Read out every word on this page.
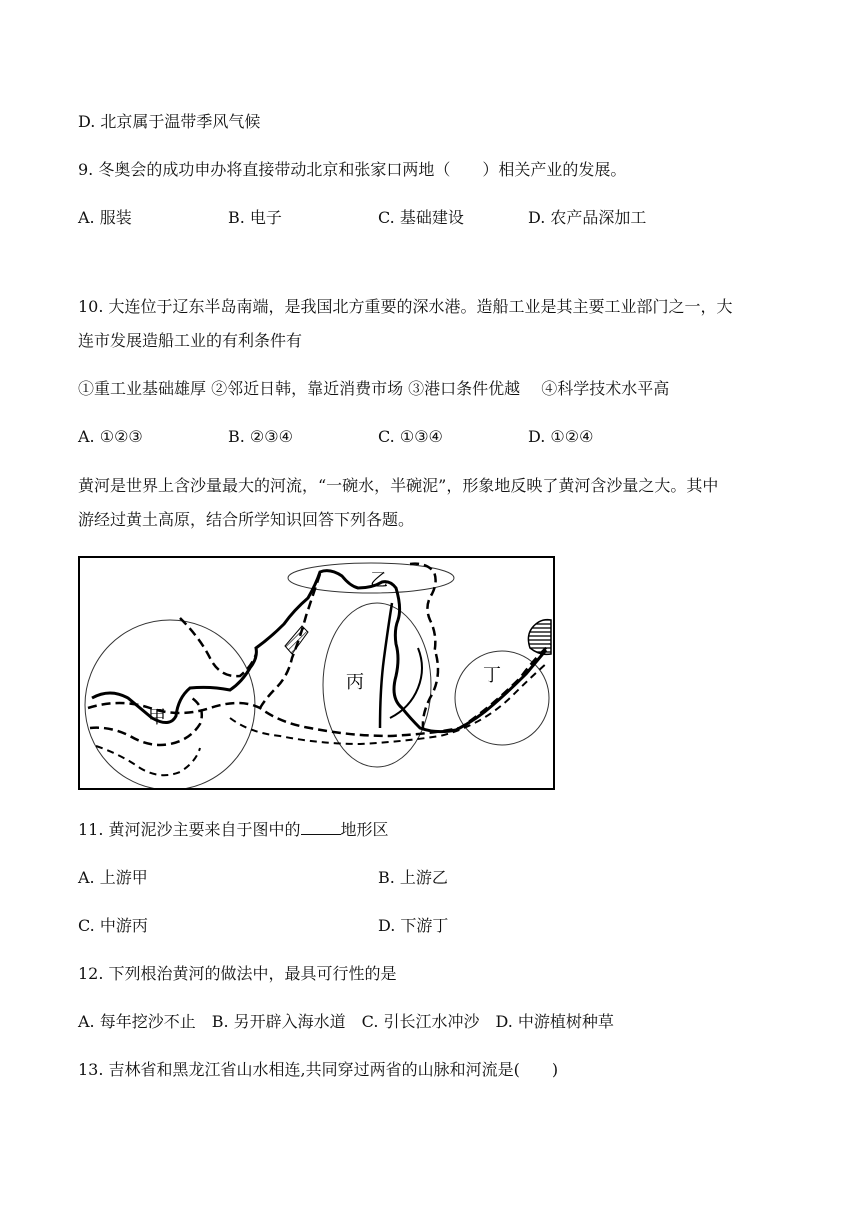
D. 北京属于温带季风气候
9. 冬奥会的成功申办将直接带动北京和张家口两地（　　）相关产业的发展。
A. 服装	B. 电子	C. 基础建设	D. 农产品深加工
10. 大连位于辽东半岛南端，是我国北方重要的深水港。造船工业是其主要工业部门之一，大
连市发展造船工业的有利条件有
①重工业基础雄厚 ②邻近日韩，靠近消费市场 ③港口条件优越　 ④科学技术水平高
A. ①②③	B. ②③④	C. ①③④	D. ①②④
黄河是世界上含沙量最大的河流，“一碗水，半碗泥”，形象地反映了黄河含沙量之大。其中
游经过黄土高原，结合所学知识回答下列各题。
甲
乙
丙	丁
11. 黄河泥沙主要来自于图中的	地形区
A. 上游甲	B. 上游乙
C. 中游丙	D. 下游丁
12. 下列根治黄河的做法中，最具可行性的是
A. 每年挖沙不止　B. 另开辟入海水道　C. 引长江水冲沙　D. 中游植树种草
13. 吉林省和黑龙江省山水相连,共同穿过两省的山脉和河流是(　　)
